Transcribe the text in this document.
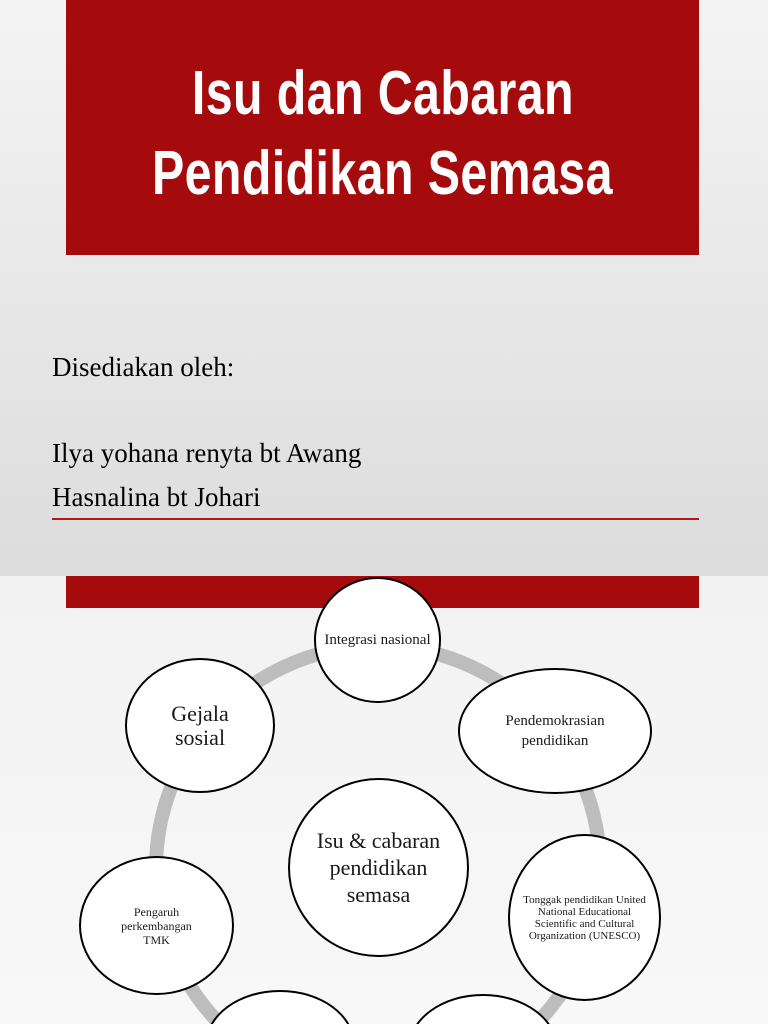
Isu dan Cabaran
Pendidikan Semasa
Disediakan oleh:
Ilya yohana renyta bt Awang
Hasnalina bt Johari
Integrasi nasional
Gejala sosial
Pendemokrasian pendidikan
Isu & cabaran pendidikan semasa
Pengaruh perkembangan TMK
Tonggak pendidikan United National Educational Scientific and Cultural Organization (UNESCO)
